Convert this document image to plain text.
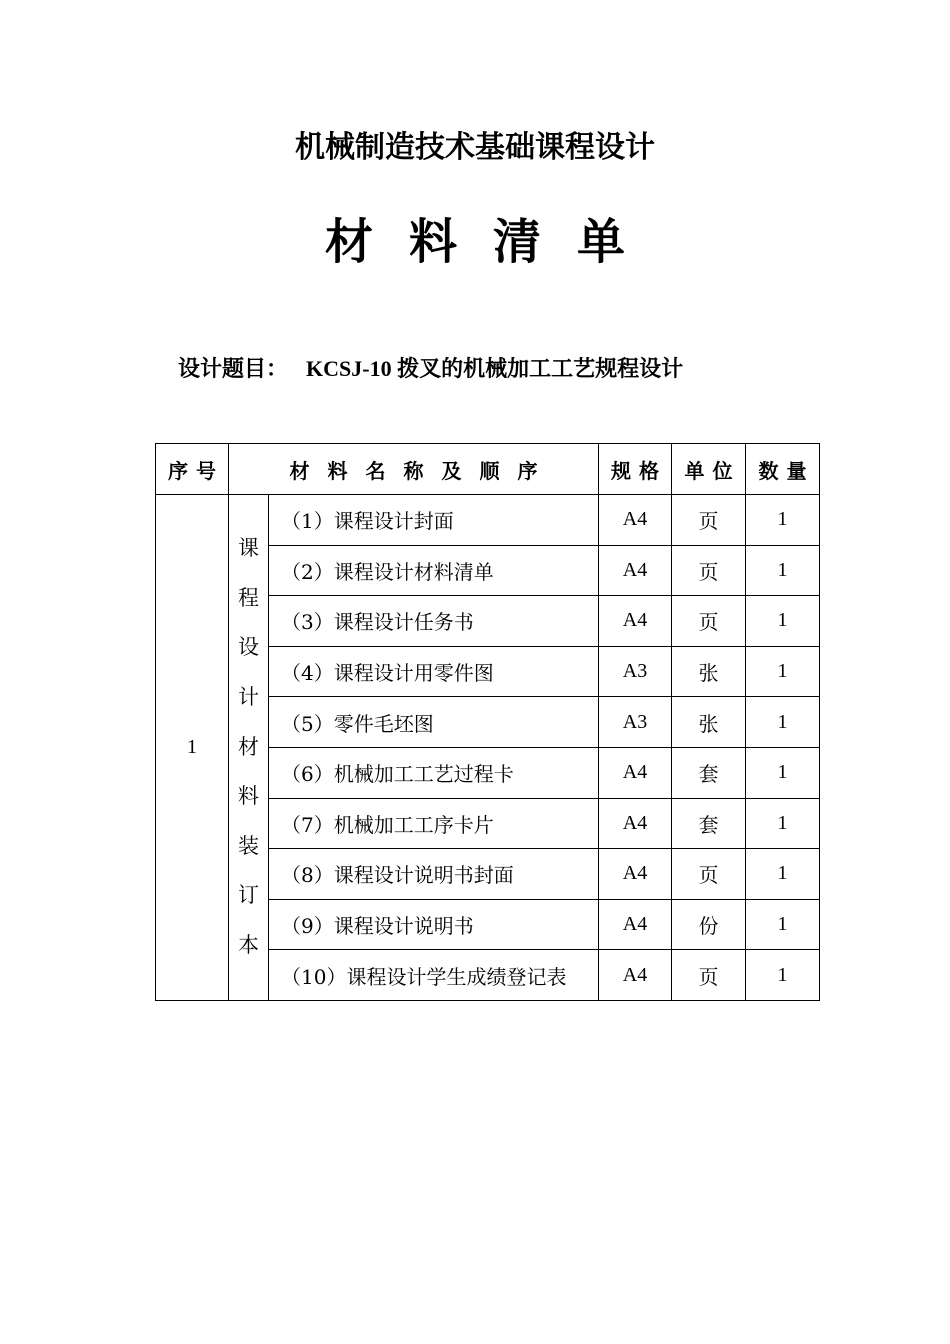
机械制造技术基础课程设计
材料清单
设计题目： KCSJ-10 拨叉的机械加工工艺规程设计
序号	材料名称及顺序		规格	单位	数量
1	课程设计材料装订本	（1）课程设计封面	A4	页	1
		（2）课程设计材料清单	A4	页	1
		（3）课程设计任务书	A4	页	1
		（4）课程设计用零件图	A3	张	1
		（5）零件毛坯图	A3	张	1
		（6）机械加工工艺过程卡	A4	套	1
		（7）机械加工工序卡片	A4	套	1
		（8）课程设计说明书封面	A4	页	1
		（9）课程设计说明书	A4	份	1
		（10）课程设计学生成绩登记表	A4	页	1
